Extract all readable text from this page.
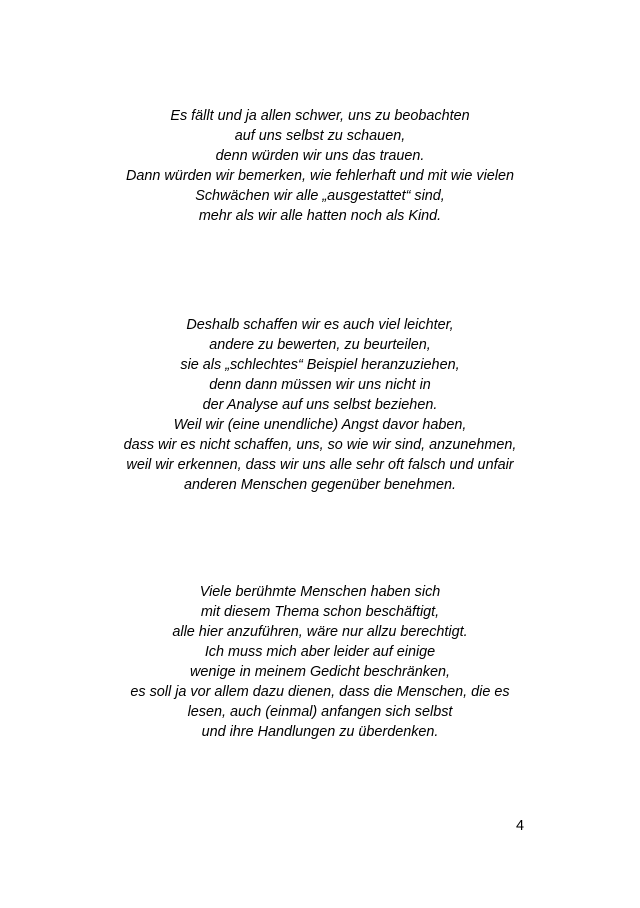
Es fällt und ja allen schwer, uns zu beobachten
auf uns selbst zu schauen,
denn würden wir uns das trauen.
Dann würden wir bemerken, wie fehlerhaft und mit wie vielen
Schwächen wir alle „ausgestattet“ sind,
mehr als wir alle hatten noch als Kind.
Deshalb schaffen wir es auch viel leichter,
andere zu bewerten, zu beurteilen,
sie als „schlechtes“ Beispiel heranzuziehen,
denn dann müssen wir uns nicht in
der Analyse auf uns selbst beziehen.
Weil wir (eine unendliche) Angst davor haben,
dass wir es nicht schaffen, uns, so wie wir sind, anzunehmen,
weil wir erkennen, dass wir uns alle sehr oft falsch und unfair
anderen Menschen gegenüber benehmen.
Viele berühmte Menschen haben sich
mit diesem Thema schon beschäftigt,
alle hier anzuführen, wäre nur allzu berechtigt.
Ich muss mich aber leider auf einige
wenige in meinem Gedicht beschränken,
es soll ja vor allem dazu dienen, dass die Menschen, die es
lesen, auch (einmal) anfangen sich selbst
und ihre Handlungen zu überdenken.
4
